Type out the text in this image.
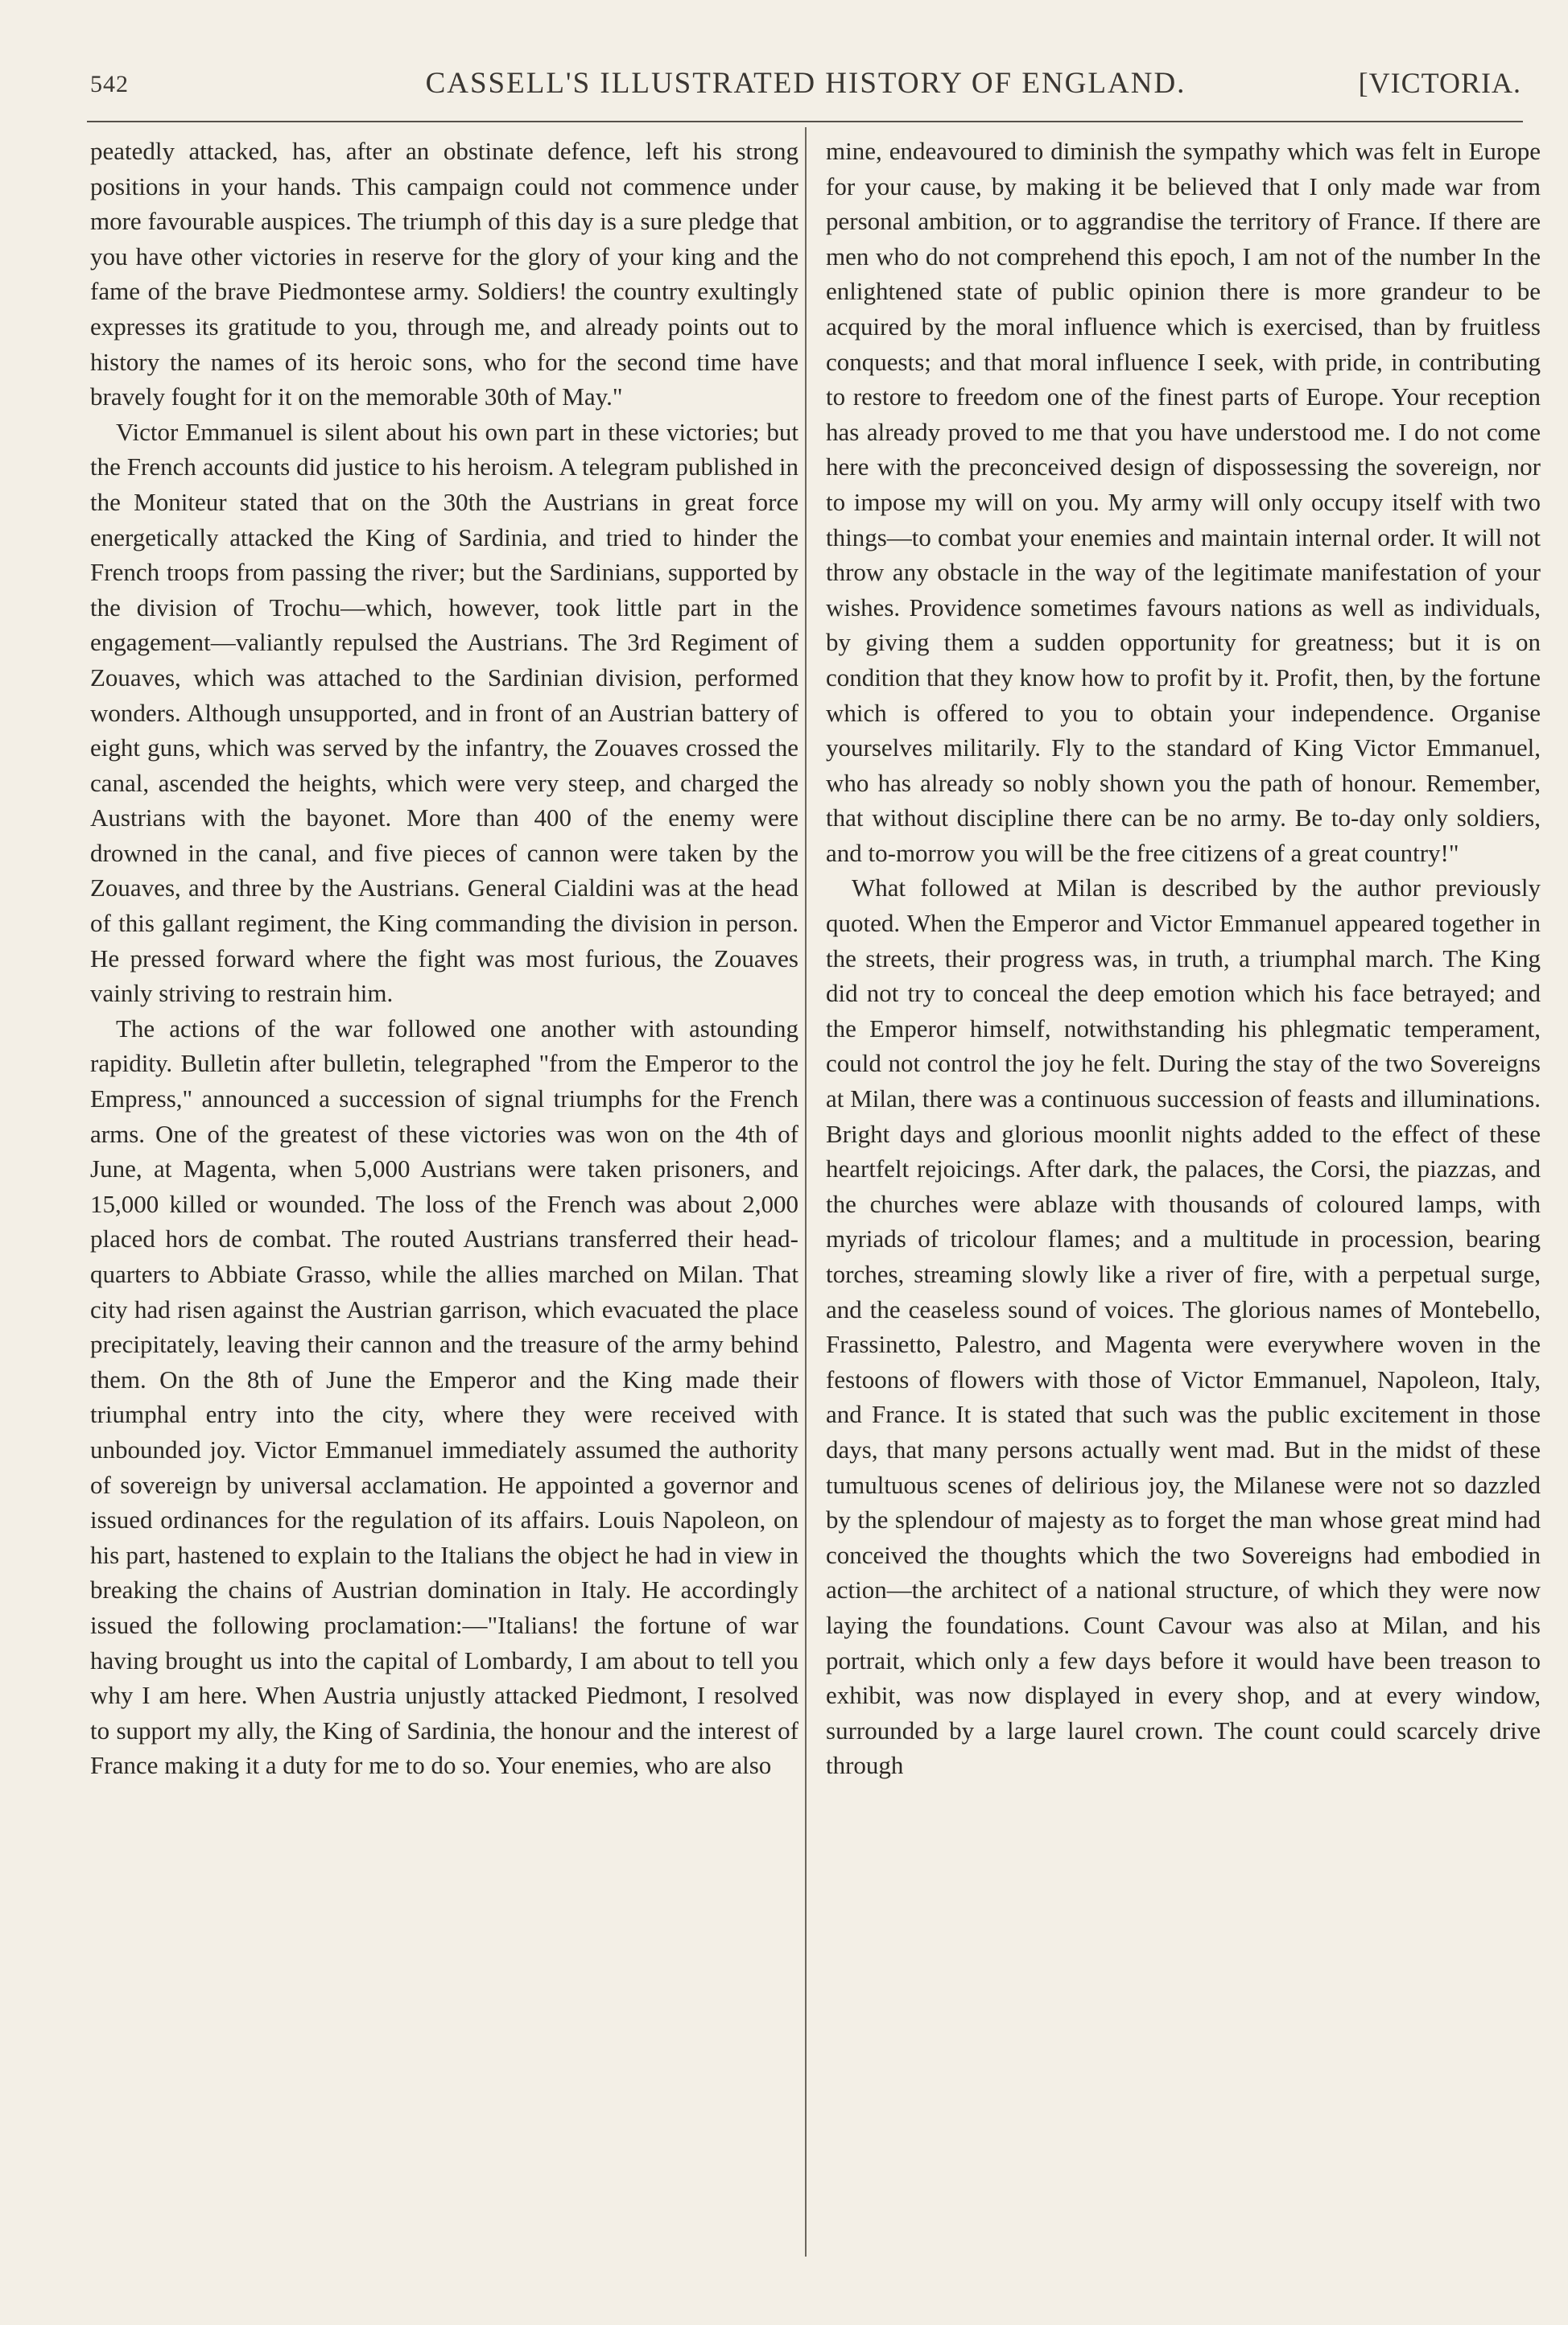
542	CASSELL'S ILLUSTRATED HISTORY OF ENGLAND.	[VICTORIA.

peatedly attacked, has, after an obstinate defence, left his strong positions in your hands. This campaign could not commence under more favourable auspices. The triumph of this day is a sure pledge that you have other victories in reserve for the glory of your king and the fame of the brave Piedmontese army. Soldiers! the country exultingly expresses its gratitude to you, through me, and already points out to history the names of its heroic sons, who for the second time have bravely fought for it on the memorable 30th of May."

Victor Emmanuel is silent about his own part in these victories; but the French accounts did justice to his heroism. A telegram published in the Moniteur stated that on the 30th the Austrians in great force energetically attacked the King of Sardinia, and tried to hinder the French troops from passing the river; but the Sardinians, supported by the division of Trochu—which, however, took little part in the engagement—valiantly repulsed the Austrians. The 3rd Regiment of Zouaves, which was attached to the Sardinian division, performed wonders. Although unsupported, and in front of an Austrian battery of eight guns, which was served by the infantry, the Zouaves crossed the canal, ascended the heights, which were very steep, and charged the Austrians with the bayonet. More than 400 of the enemy were drowned in the canal, and five pieces of cannon were taken by the Zouaves, and three by the Austrians. General Cialdini was at the head of this gallant regiment, the King commanding the division in person. He pressed forward where the fight was most furious, the Zouaves vainly striving to restrain him.

The actions of the war followed one another with astounding rapidity. Bulletin after bulletin, telegraphed "from the Emperor to the Empress," announced a succession of signal triumphs for the French arms. One of the greatest of these victories was won on the 4th of June, at Magenta, when 5,000 Austrians were taken prisoners, and 15,000 killed or wounded. The loss of the French was about 2,000 placed hors de combat. The routed Austrians transferred their head-quarters to Abbiate Grasso, while the allies marched on Milan. That city had risen against the Austrian garrison, which evacuated the place precipitately, leaving their cannon and the treasure of the army behind them. On the 8th of June the Emperor and the King made their triumphal entry into the city, where they were received with unbounded joy. Victor Emmanuel immediately assumed the authority of sovereign by universal acclamation. He appointed a governor and issued ordinances for the regulation of its affairs. Louis Napoleon, on his part, hastened to explain to the Italians the object he had in view in breaking the chains of Austrian domination in Italy. He accordingly issued the following proclamation:—"Italians! the fortune of war having brought us into the capital of Lombardy, I am about to tell you why I am here. When Austria unjustly attacked Piedmont, I resolved to support my ally, the King of Sardinia, the honour and the interest of France making it a duty for me to do so. Your enemies, who are also

mine, endeavoured to diminish the sympathy which was felt in Europe for your cause, by making it be believed that I only made war from personal ambition, or to aggrandise the territory of France. If there are men who do not comprehend this epoch, I am not of the number In the enlightened state of public opinion there is more grandeur to be acquired by the moral influence which is exercised, than by fruitless conquests; and that moral influence I seek, with pride, in contributing to restore to freedom one of the finest parts of Europe. Your reception has already proved to me that you have understood me. I do not come here with the preconceived design of dispossessing the sovereign, nor to impose my will on you. My army will only occupy itself with two things—to combat your enemies and maintain internal order. It will not throw any obstacle in the way of the legitimate manifestation of your wishes. Providence sometimes favours nations as well as individuals, by giving them a sudden opportunity for greatness; but it is on condition that they know how to profit by it. Profit, then, by the fortune which is offered to you to obtain your independence. Organise yourselves militarily. Fly to the standard of King Victor Emmanuel, who has already so nobly shown you the path of honour. Remember, that without discipline there can be no army. Be to-day only soldiers, and to-morrow you will be the free citizens of a great country!"

What followed at Milan is described by the author previously quoted. When the Emperor and Victor Emmanuel appeared together in the streets, their progress was, in truth, a triumphal march. The King did not try to conceal the deep emotion which his face betrayed; and the Emperor himself, notwithstanding his phlegmatic temperament, could not control the joy he felt. During the stay of the two Sovereigns at Milan, there was a continuous succession of feasts and illuminations. Bright days and glorious moonlit nights added to the effect of these heartfelt rejoicings. After dark, the palaces, the Corsi, the piazzas, and the churches were ablaze with thousands of coloured lamps, with myriads of tricolour flames; and a multitude in procession, bearing torches, streaming slowly like a river of fire, with a perpetual surge, and the ceaseless sound of voices. The glorious names of Montebello, Frassinetto, Palestro, and Magenta were everywhere woven in the festoons of flowers with those of Victor Emmanuel, Napoleon, Italy, and France. It is stated that such was the public excitement in those days, that many persons actually went mad. But in the midst of these tumultuous scenes of delirious joy, the Milanese were not so dazzled by the splendour of majesty as to forget the man whose great mind had conceived the thoughts which the two Sovereigns had embodied in action—the architect of a national structure, of which they were now laying the foundations. Count Cavour was also at Milan, and his portrait, which only a few days before it would have been treason to exhibit, was now displayed in every shop, and at every window, surrounded by a large laurel crown. The count could scarcely drive through
